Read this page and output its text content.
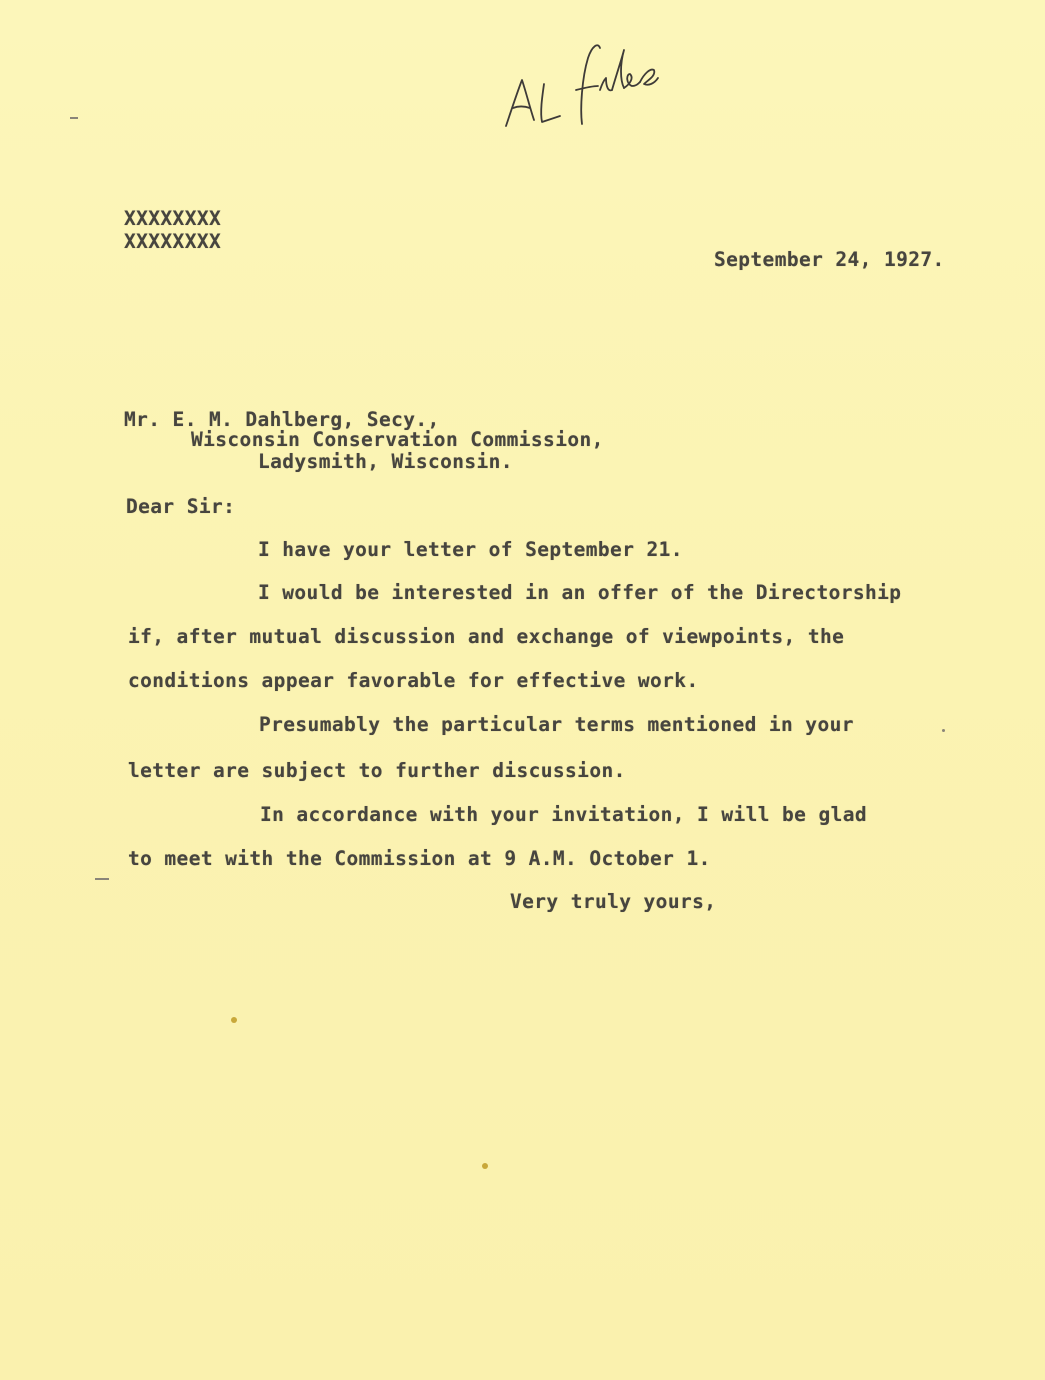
XXXXXXXX
XXXXXXXX
September 24, 1927.
Mr. E. M. Dahlberg, Secy.,
Wisconsin Conservation Commission,
Ladysmith, Wisconsin.
Dear Sir:
I have your letter of September 21.
I would be interested in an offer of the Directorship
if, after mutual discussion and exchange of viewpoints, the
conditions appear favorable for effective work.
Presumably the particular terms mentioned in your
letter are subject to further discussion.
In accordance with your invitation, I will be glad
to meet with the Commission at 9 A.M. October 1.
Very truly yours,
